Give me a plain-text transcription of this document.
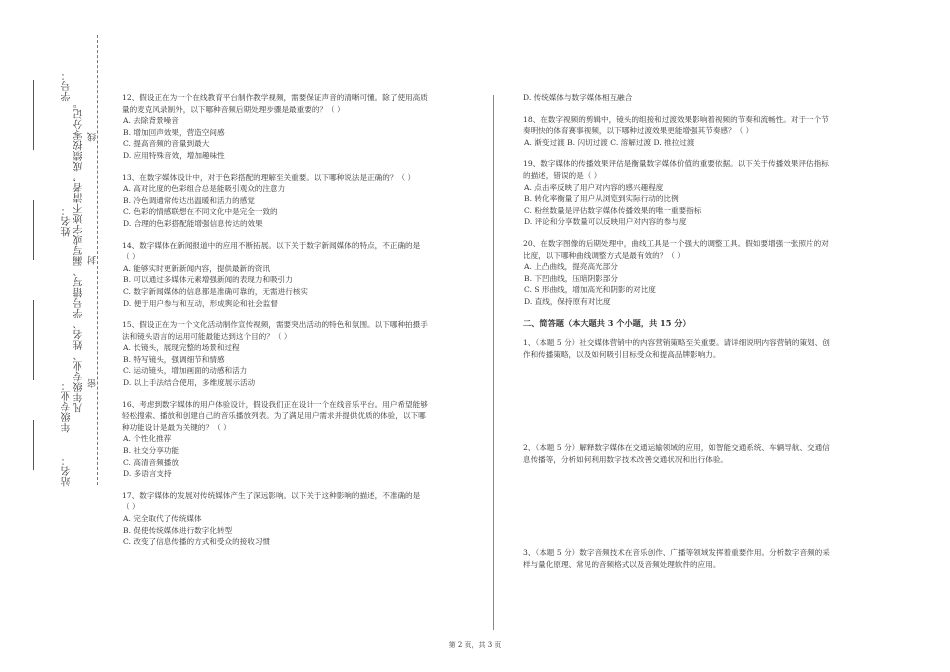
学号：
姓名：
年级专业：
站名：
凡年级专业、姓名、学号错写、漏写或字迹不清者，成绩按零分记。 密
封
线

12、假设正在为一个在线教育平台制作教学视频，需要保证声音的清晰可懂。除了使用高质

量的麦克风录制外，以下哪种音频后期处理步骤是最重要的？（ ）

A. 去除背景噪音

B. 增加回声效果，营造空间感

C. 提高音频的音量到最大

D. 应用特殊音效，增加趣味性

13、在数字媒体设计中，对于色彩搭配的理解至关重要。以下哪种说法是正确的？（ ）

A. 高对比度的色彩组合总是能吸引观众的注意力

B. 冷色调通常传达出温暖和活力的感觉

C. 色彩的情感联想在不同文化中是完全一致的

D. 合理的色彩搭配能增强信息传达的效果

14、数字媒体在新闻报道中的应用不断拓展。以下关于数字新闻媒体的特点，不正确的是

（ ）

A. 能够实时更新新闻内容，提供最新的资讯

B. 可以通过多媒体元素增强新闻的表现力和吸引力

C. 数字新闻媒体的信息都是准确可靠的，无需进行核实

D. 便于用户参与和互动，形成舆论和社会监督

15、假设正在为一个文化活动制作宣传视频，需要突出活动的特色和氛围。以下哪种拍摄手

法和镜头语言的运用可能最能达到这个目的？（ ）

A. 长镜头，展现完整的场景和过程

B. 特写镜头，强调细节和情感

C. 运动镜头，增加画面的动感和活力

D. 以上手法结合使用，多维度展示活动

16、考虑到数字媒体的用户体验设计，假设我们正在设计一个在线音乐平台。用户希望能够

轻松搜索、播放和创建自己的音乐播放列表。为了满足用户需求并提供优质的体验，以下哪

种功能设计是最为关键的？（ ）

A. 个性化推荐

B. 社交分享功能

C. 高清音频播放

D. 多语言支持

17、数字媒体的发展对传统媒体产生了深远影响。以下关于这种影响的描述，不准确的是

（ ）

A. 完全取代了传统媒体

B. 促使传统媒体进行数字化转型

C. 改变了信息传播的方式和受众的接收习惯

D. 传统媒体与数字媒体相互融合

18、在数字视频的剪辑中，镜头的组接和过渡效果影响着视频的节奏和流畅性。对于一个节

奏明快的体育赛事视频，以下哪种过渡效果更能增强其节奏感？（ ）

A. 渐变过渡 B. 闪切过渡 C. 溶解过渡 D. 推拉过渡

19、数字媒体的传播效果评估是衡量数字媒体价值的重要依据。以下关于传播效果评估指标

的描述，错误的是（ ）

A. 点击率反映了用户对内容的感兴趣程度

B. 转化率衡量了用户从浏览到实际行动的比例

C. 粉丝数量是评估数字媒体传播效果的唯一重要指标

D. 评论和分享数量可以反映用户对内容的参与度

20、在数字图像的后期处理中，曲线工具是一个强大的调整工具。假如要增强一张照片的对

比度，以下哪种曲线调整方式是最有效的？（ ）

A. 上凸曲线，提亮高光部分

B. 下凹曲线，压暗阴影部分

C. S 形曲线，增加高光和阴影的对比度

D. 直线，保持原有对比度

二、简答题（本大题共 3 个小题，共 15 分）

1、（本题 5 分）社交媒体营销中的内容营销策略至关重要。请详细说明内容营销的策划、创

作和传播策略，以及如何吸引目标受众和提高品牌影响力。

2、（本题 5 分）解释数字媒体在交通运输领域的应用，如智能交通系统、车辆导航、交通信

息传播等，分析如何利用数字技术改善交通状况和出行体验。

3、（本题 5 分）数字音频技术在音乐创作、广播等领域发挥着重要作用。分析数字音频的采

样与量化原理、常见的音频格式以及音频处理软件的应用。

第 2 页，共 3 页
